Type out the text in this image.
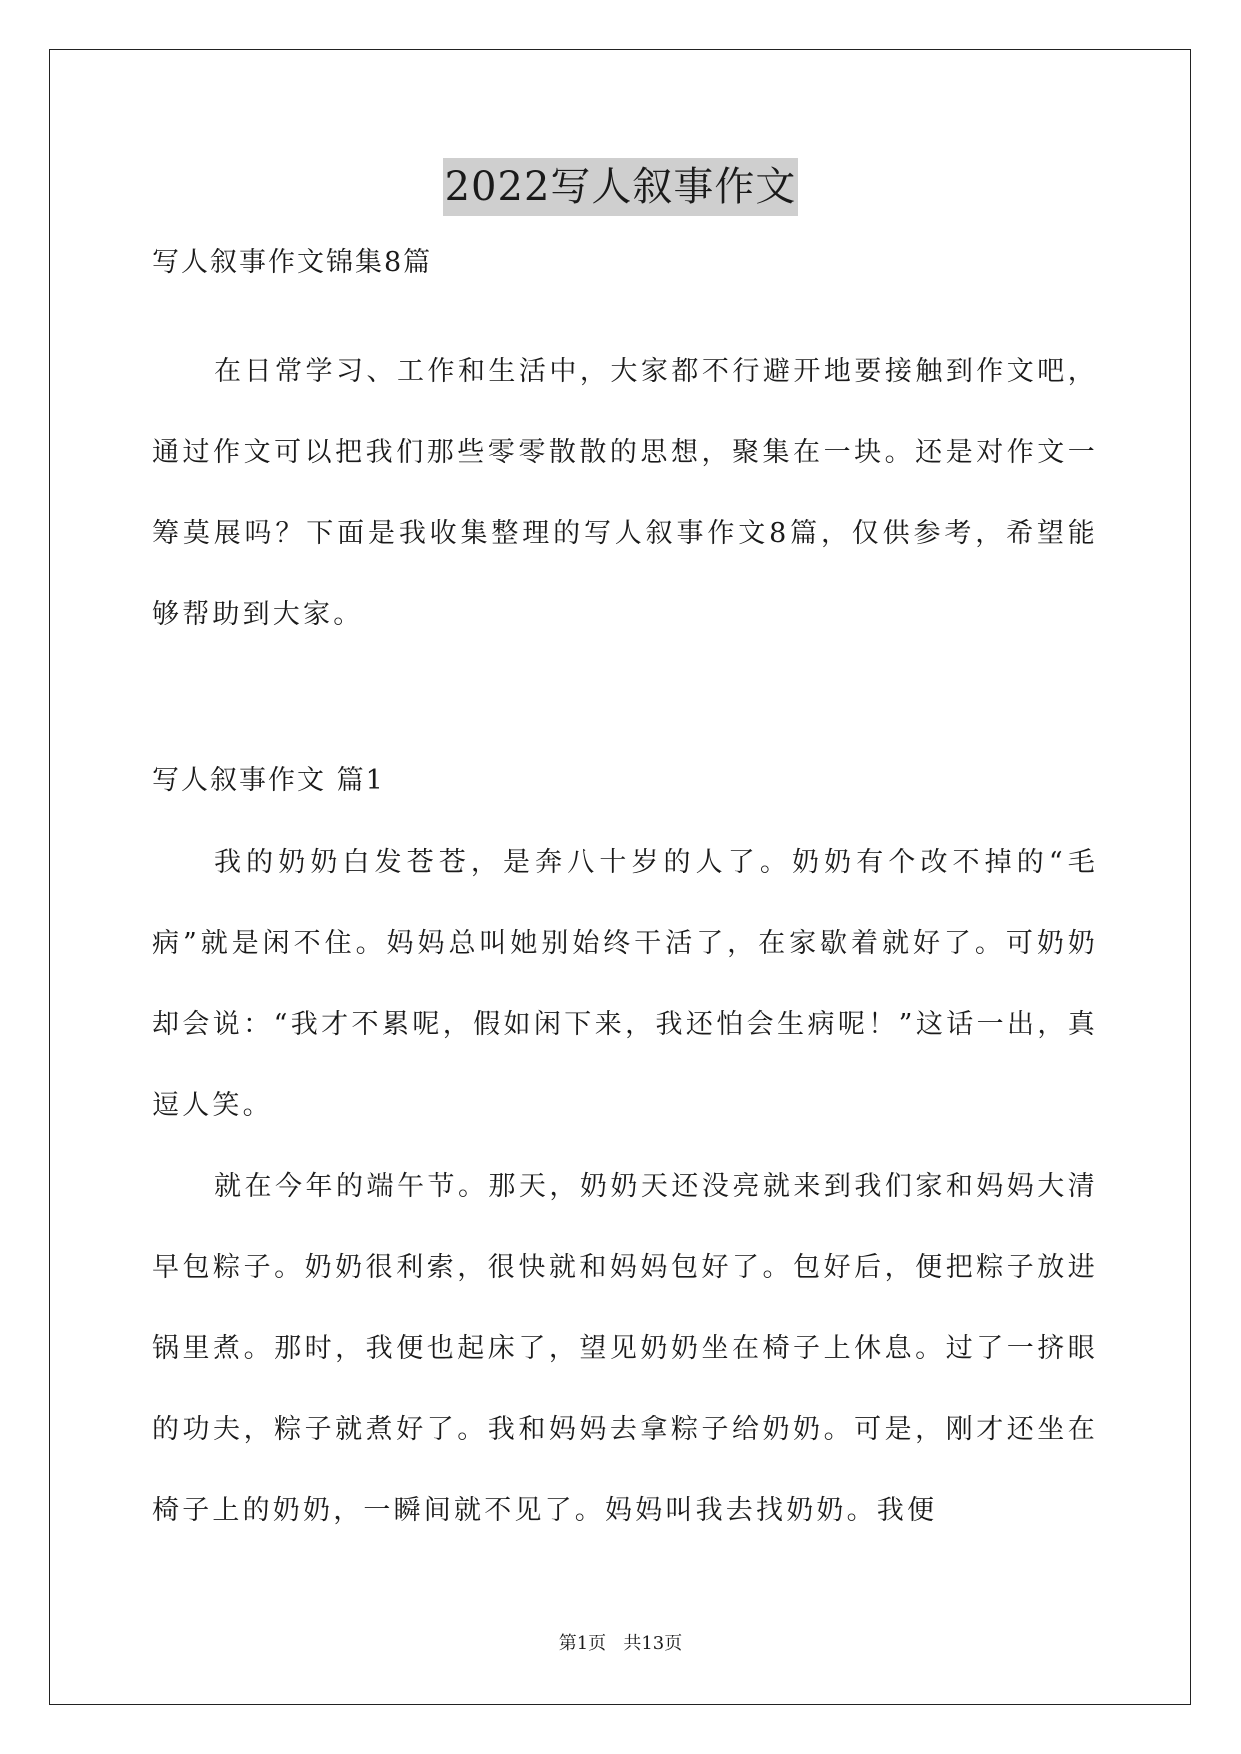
2022写人叙事作文
写人叙事作文锦集8篇
在日常学习、工作和生活中，大家都不行避开地要接触到作文吧，通过作文可以把我们那些零零散散的思想，聚集在一块。还是对作文一筹莫展吗？下面是我收集整理的写人叙事作文8篇，仅供参考，希望能够帮助到大家。
写人叙事作文 篇1
我的奶奶白发苍苍，是奔八十岁的人了。奶奶有个改不掉的“毛病”就是闲不住。妈妈总叫她别始终干活了，在家歇着就好了。可奶奶却会说：“我才不累呢，假如闲下来，我还怕会生病呢！”这话一出，真逗人笑。
就在今年的端午节。那天，奶奶天还没亮就来到我们家和妈妈大清早包粽子。奶奶很利索，很快就和妈妈包好了。包好后，便把粽子放进锅里煮。那时，我便也起床了，望见奶奶坐在椅子上休息。过了一挤眼的功夫，粽子就煮好了。我和妈妈去拿粽子给奶奶。可是，刚才还坐在椅子上的奶奶，一瞬间就不见了。妈妈叫我去找奶奶。我便
第1页   共13页
